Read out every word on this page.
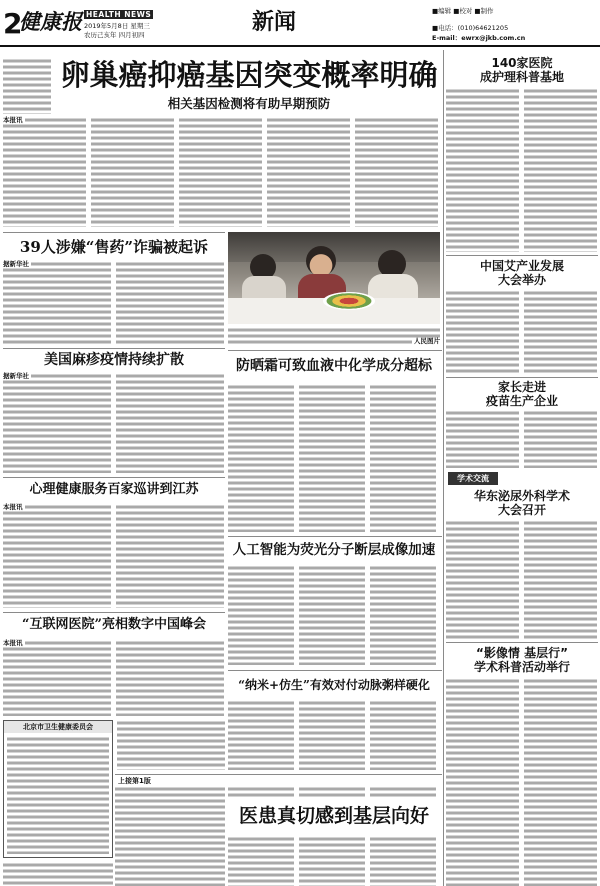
2
健康报 HEALTH NEWS
2019年5月8日 星期三
农历己亥年 四月初四	新闻	■编辑 ■校对 ■制作
■电话：(010)64621205
E-mail：ewrx@jkb.com.cn
卵巢癌抑癌基因突变概率明确
相关基因检测将有助早期预防
本报讯
39人涉嫌“售药”诈骗被起诉
据新华社
美国麻疹疫情持续扩散
据新华社
心理健康服务百家巡讲到江苏
本报讯
“互联网医院”亮相数字中国峰会
本报讯
北京市卫生健康委员会
人民图片
防晒霜可致血液中化学成分超标
人工智能为荧光分子断层成像加速
“纳米+仿生”有效对付动脉粥样硬化
上接第1版
医患真切感到基层向好
140家医院
成护理科普基地
中国艾产业发展
大会举办
家长走进
疫苗生产企业
学术交流
华东泌尿外科学术
大会召开
“影像情 基层行”
学术科普活动举行
